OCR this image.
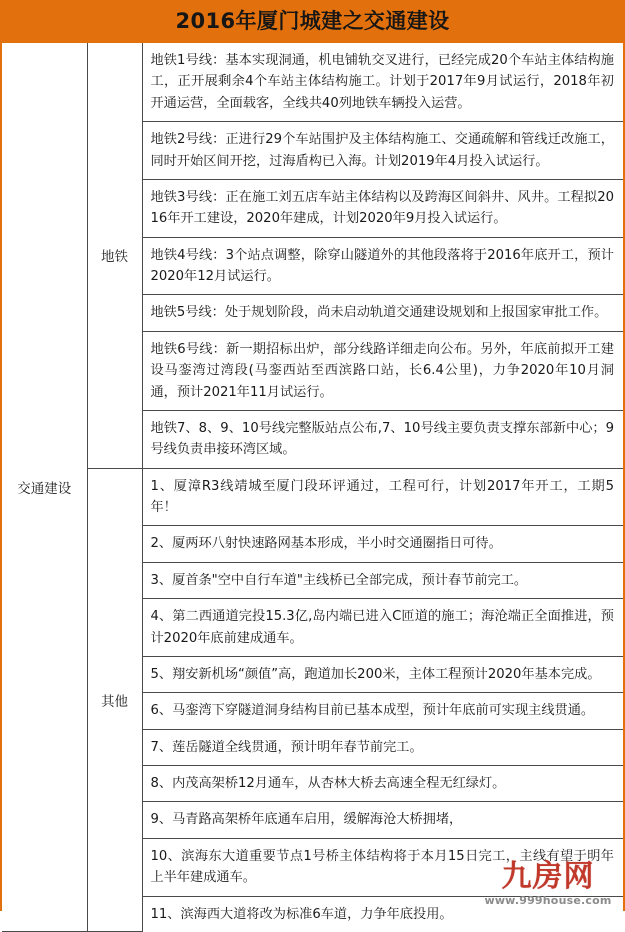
2016年厦门城建之交通建设
交通建设	地铁	地铁1号线：基本实现洞通，机电铺轨交叉进行，已经完成20个车站主体结构施工，正开展剩余4个车站主体结构施工。计划于2017年9月试运行，2018年初开通运营，全面载客，全线共40列地铁车辆投入运营。
		地铁2号线：正进行29个车站围护及主体结构施工、交通疏解和管线迁改施工，同时开始区间开挖，过海盾构已入海。计划2019年4月投入试运行。
		地铁3号线：正在施工刘五店车站主体结构以及跨海区间斜井、风井。工程拟2016年开工建设，2020年建成，计划2020年9月投入试运行。
		地铁4号线：3个站点调整，除穿山隧道外的其他段落将于2016年底开工，预计2020年12月试运行。
		地铁5号线：处于规划阶段，尚未启动轨道交通建设规划和上报国家审批工作。
		地铁6号线：新一期招标出炉，部分线路详细走向公布。另外，年底前拟开工建设马銮湾过湾段(马銮西站至西滨路口站，长6.4公里)，力争2020年10月洞通，预计2021年11月试运行。
		地铁7、8、9、10号线完整版站点公布,7、10号线主要负责支撑东部新中心；9号线负责串接环湾区域。
	其他	1、厦漳R3线靖城至厦门段环评通过，工程可行，计划2017年开工，工期5年！
		2、厦两环八射快速路网基本形成，半小时交通圈指日可待。
		3、厦首条"空中自行车道"主线桥已全部完成，预计春节前完工。
		4、第二西通道完投15.3亿,岛内端已进入C匝道的施工；海沧端正全面推进，预计2020年底前建成通车。
		5、翔安新机场“颜值”高，跑道加长200米，主体工程预计2020年基本完成。
		6、马銮湾下穿隧道洞身结构目前已基本成型，预计年底前可实现主线贯通。
		7、莲岳隧道全线贯通，预计明年春节前完工。
		8、内茂高架桥12月通车，从杏林大桥去高速全程无红绿灯。
		9、马青路高架桥年底通车启用，缓解海沧大桥拥堵，
		10、滨海东大道重要节点1号桥主体结构将于本月15日完工，主线有望于明年上半年建成通车。
		11、滨海西大道将改为标准6车道，力争年底投用。
九房网
www.999house.com
